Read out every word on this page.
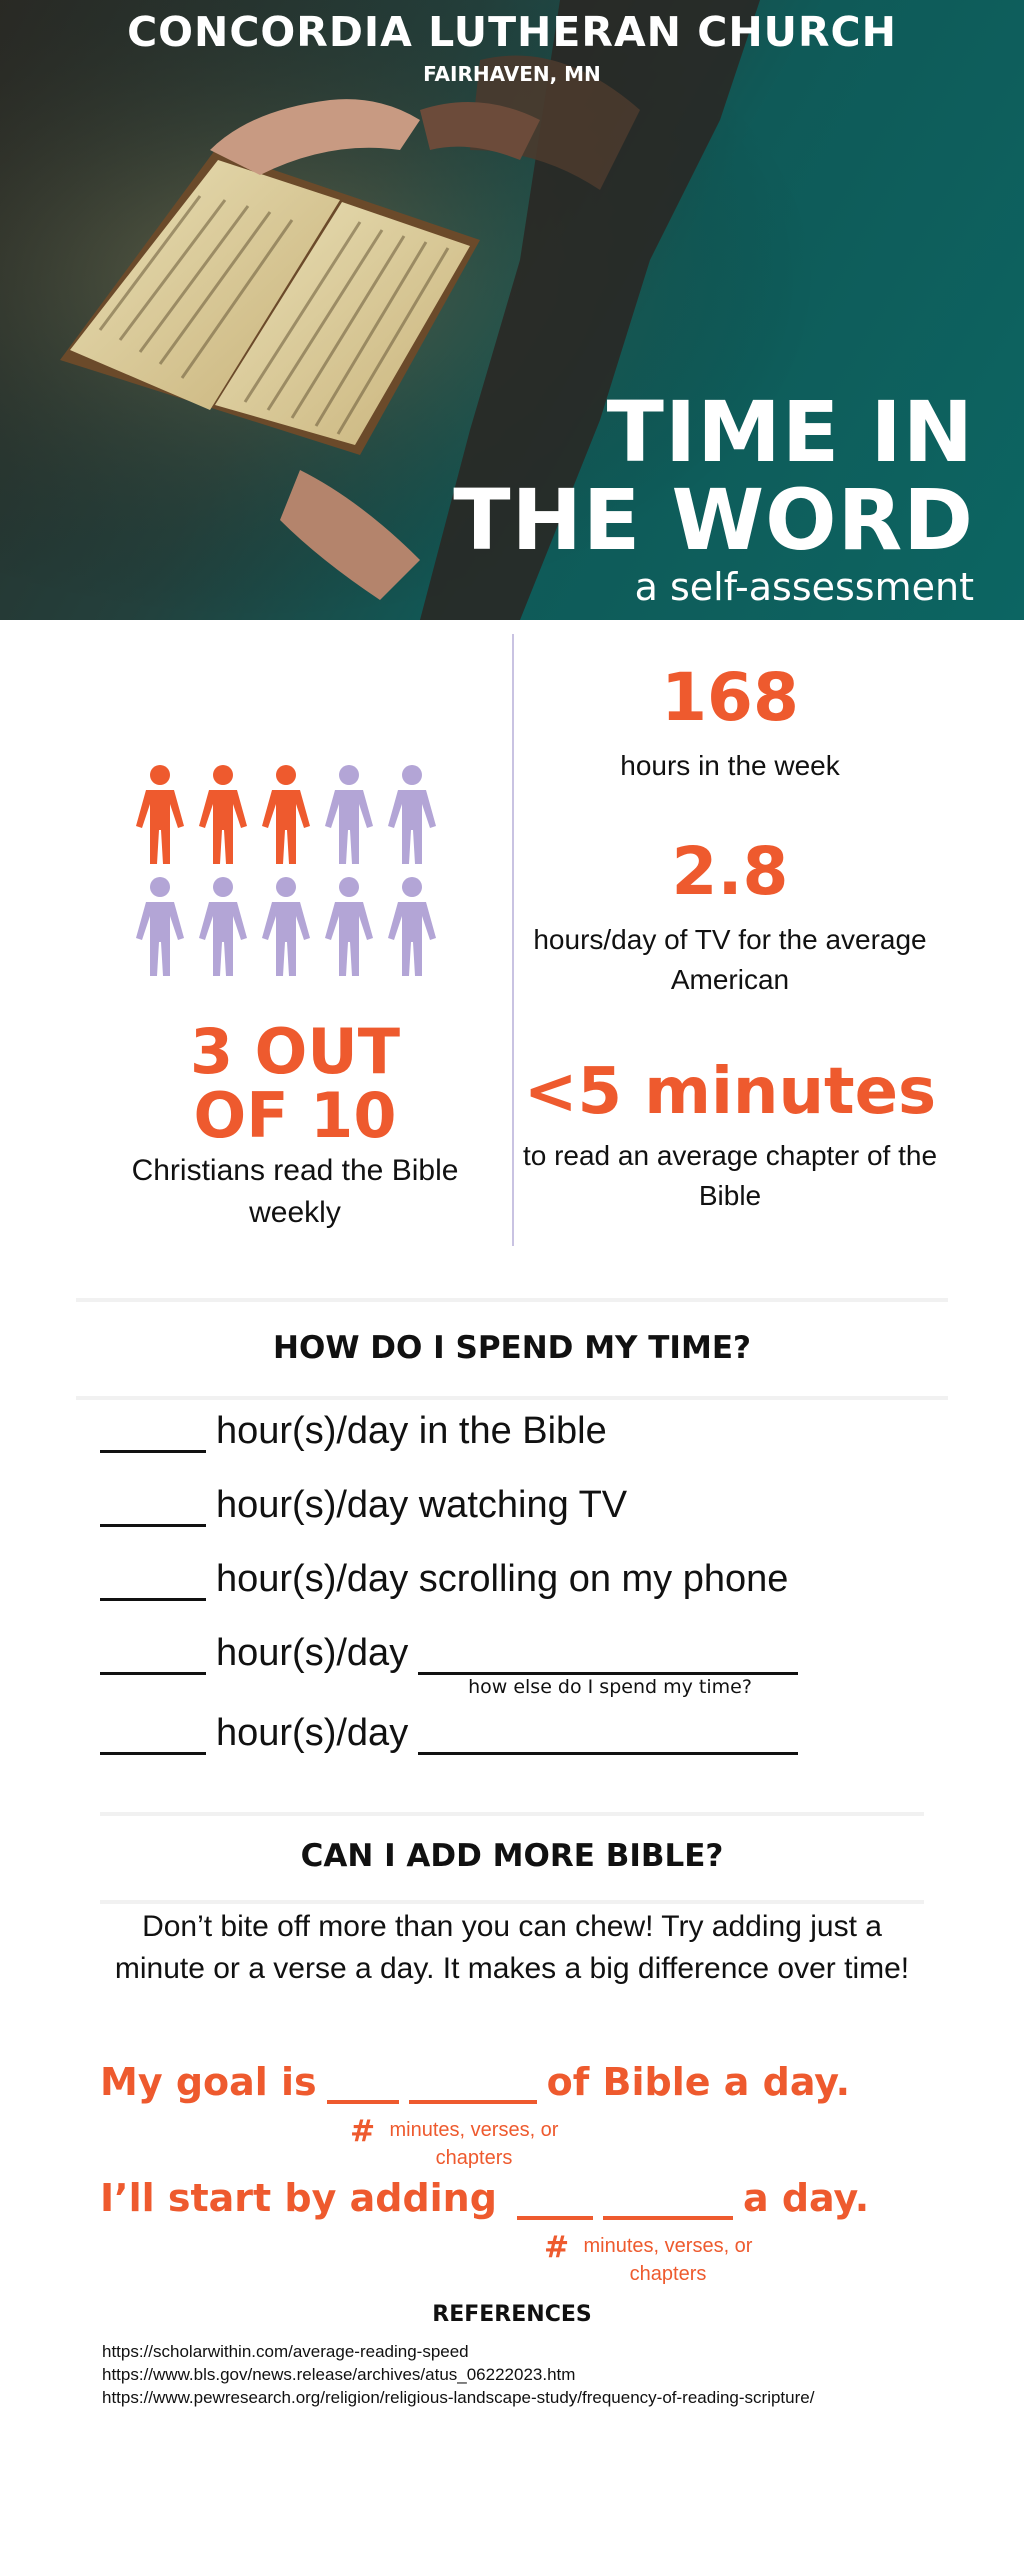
CONCORDIA LUTHERAN CHURCH
FAIRHAVEN, MN
TIME IN
THE WORD
a self-assessment
3 OUT
OF 10
Christians read the Bible weekly
168
hours in the week
2.8
hours/day of TV for the average American
<5 minutes
to read an average chapter of the Bible
HOW DO I SPEND MY TIME?
hour(s)/day in the Bible
hour(s)/day watching TV
hour(s)/day scrolling on my phone
hour(s)/day
how else do I spend my time?
hour(s)/day
CAN I ADD MORE BIBLE?
Don’t bite off more than you can chew! Try adding just a minute or a verse a day. It makes a big difference over time!
My goal is	of Bible a day.
# minutes, verses, or chapters
I’ll start by adding	a day.
# minutes, verses, or chapters
REFERENCES
https://scholarwithin.com/average-reading-speed
https://www.bls.gov/news.release/archives/atus_06222023.htm
https://www.pewresearch.org/religion/religious-landscape-study/frequency-of-reading-scripture/
